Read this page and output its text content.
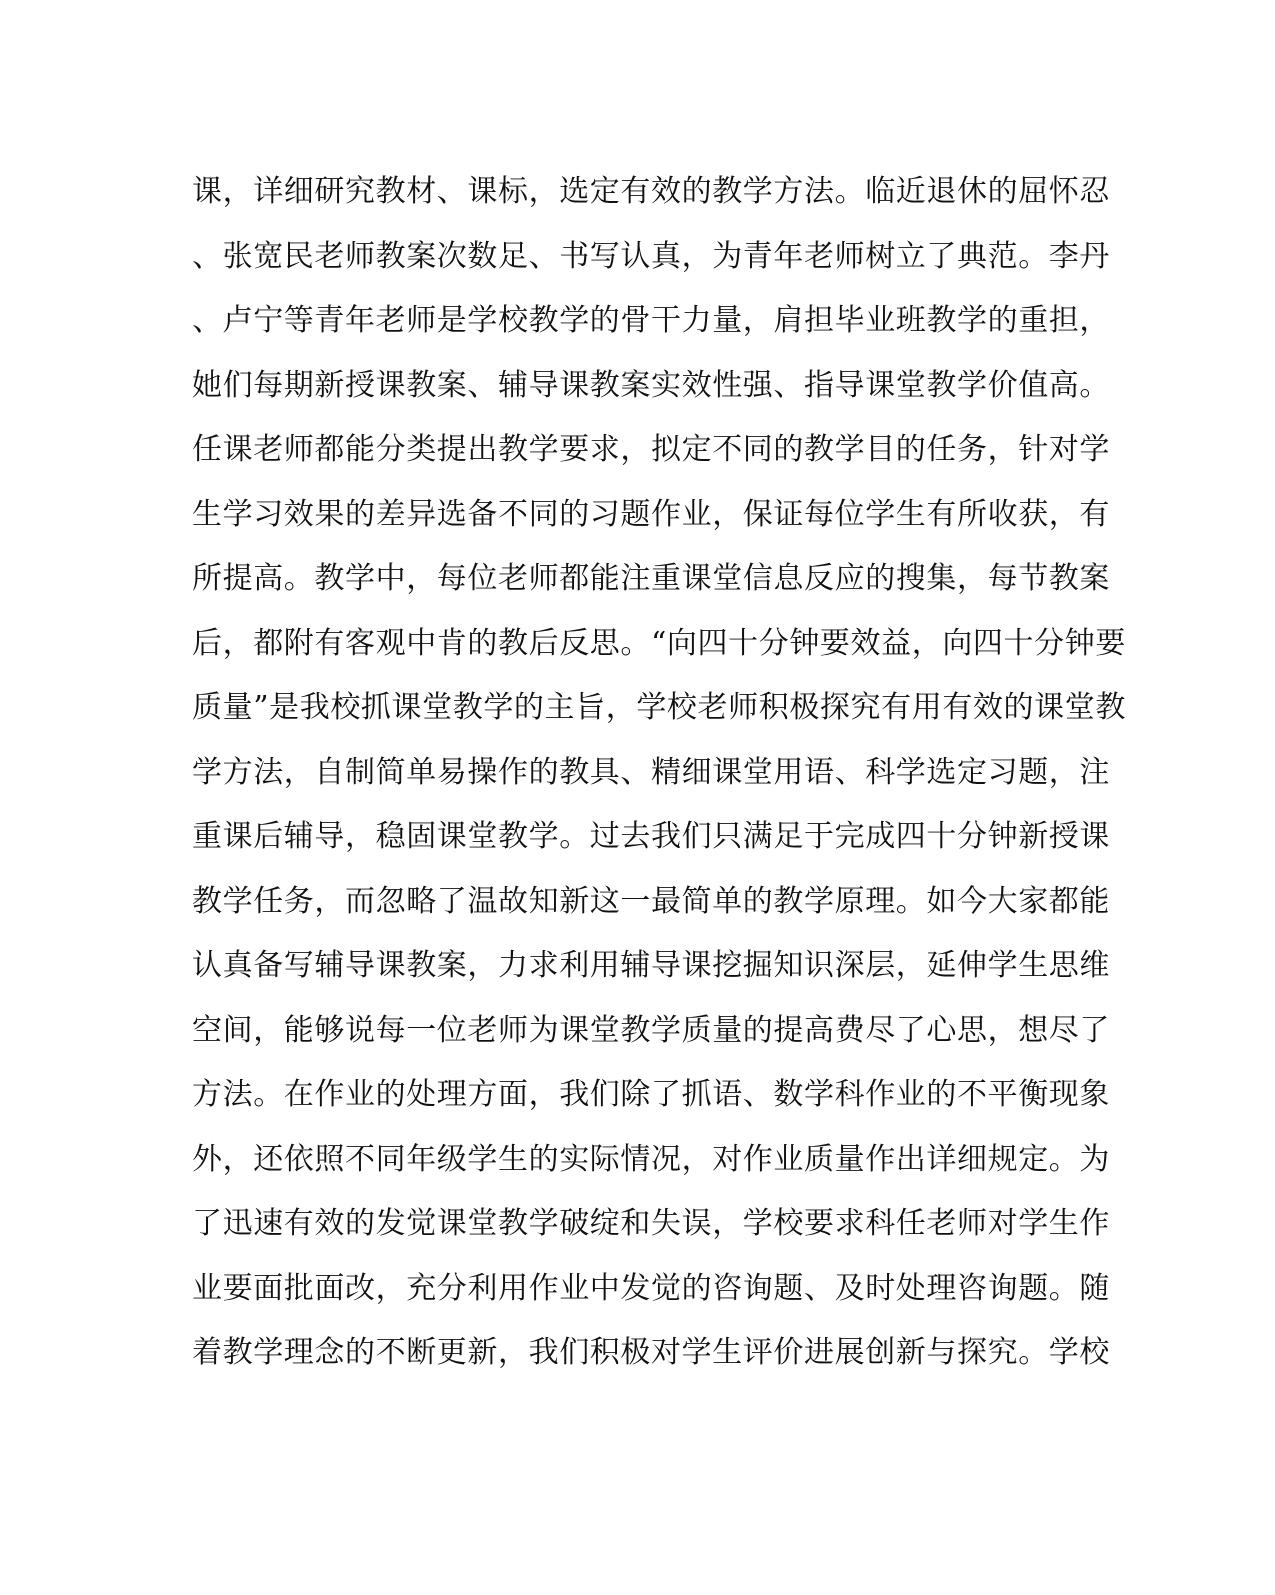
课，详细研究教材、课标，选定有效的教学方法。临近退休的屈怀忍
、张宽民老师教案次数足、书写认真，为青年老师树立了典范。李丹
、卢宁等青年老师是学校教学的骨干力量，肩担毕业班教学的重担，
她们每期新授课教案、辅导课教案实效性强、指导课堂教学价值高。
任课老师都能分类提出教学要求，拟定不同的教学目的任务，针对学
生学习效果的差异选备不同的习题作业，保证每位学生有所收获，有
所提高。教学中，每位老师都能注重课堂信息反应的搜集，每节教案
后，都附有客观中肯的教后反思。“向四十分钟要效益，向四十分钟要
质量”是我校抓课堂教学的主旨，学校老师积极探究有用有效的课堂教
学方法，自制简单易操作的教具、精细课堂用语、科学选定习题，注
重课后辅导，稳固课堂教学。过去我们只满足于完成四十分钟新授课
教学任务，而忽略了温故知新这一最简单的教学原理。如今大家都能
认真备写辅导课教案，力求利用辅导课挖掘知识深层，延伸学生思维
空间，能够说每一位老师为课堂教学质量的提高费尽了心思，想尽了
方法。在作业的处理方面，我们除了抓语、数学科作业的不平衡现象
外，还依照不同年级学生的实际情况，对作业质量作出详细规定。为
了迅速有效的发觉课堂教学破绽和失误，学校要求科任老师对学生作
业要面批面改，充分利用作业中发觉的咨询题、及时处理咨询题。随
着教学理念的不断更新，我们积极对学生评价进展创新与探究。学校
